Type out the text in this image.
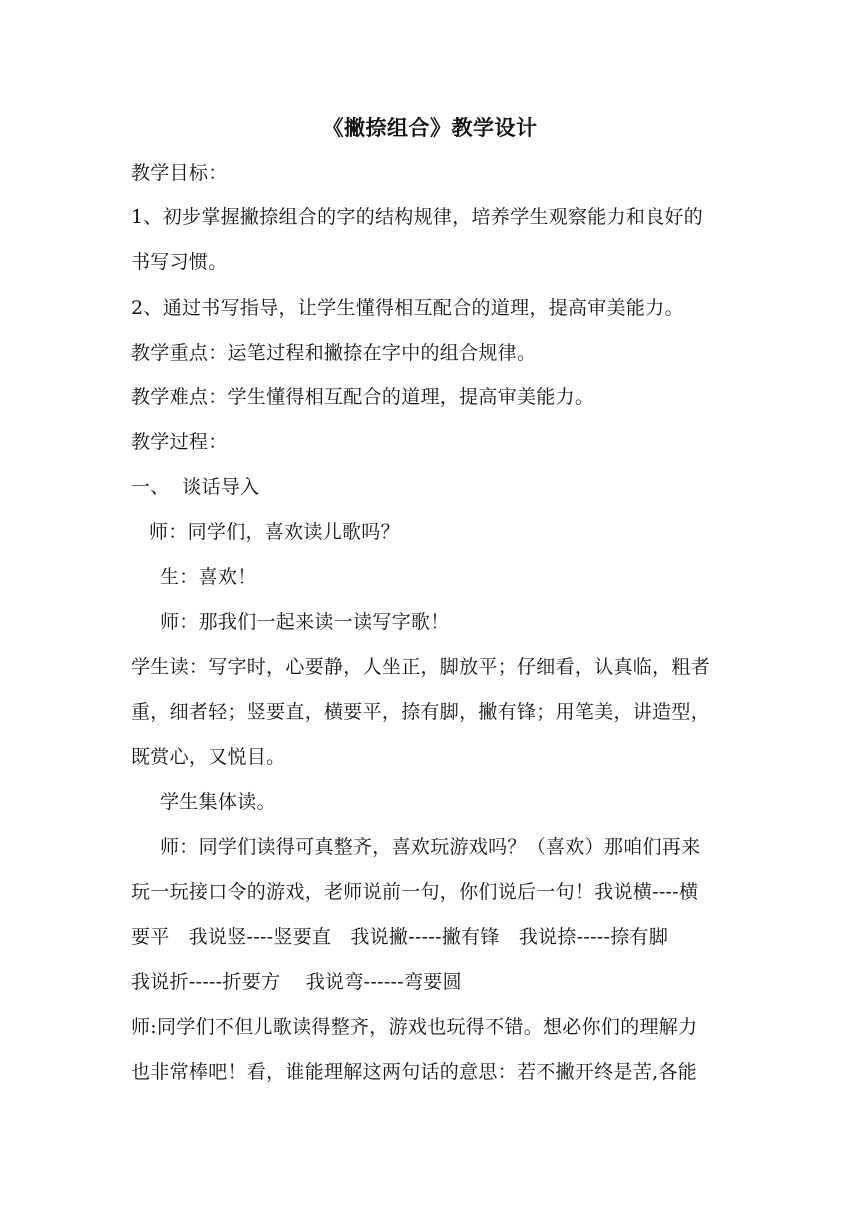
《撇捺组合》教学设计
教学目标：
1、初步掌握撇捺组合的字的结构规律，培养学生观察能力和良好的
书写习惯。
2、通过书写指导，让学生懂得相互配合的道理，提高审美能力。
教学重点：运笔过程和撇捺在字中的组合规律。
教学难点：学生懂得相互配合的道理，提高审美能力。
教学过程：
一、  谈话导入
师：同学们，喜欢读儿歌吗？
生：喜欢！
师：那我们一起来读一读写字歌！
学生读：写字时，心要静，人坐正，脚放平；仔细看，认真临，粗者
重，细者轻；竖要直，横要平，捺有脚，撇有锋；用笔美，讲造型，
既赏心，又悦目。
学生集体读。
师：同学们读得可真整齐，喜欢玩游戏吗？（喜欢）那咱们再来
玩一玩接口令的游戏，老师说前一句，你们说后一句！我说横----横
要平   我说竖----竖要直   我说撇-----撇有锋   我说捺-----捺有脚
我说折-----折要方    我说弯------弯要圆
师:同学们不但儿歌读得整齐，游戏也玩得不错。想必你们的理解力
也非常棒吧！看，谁能理解这两句话的意思：若不撇开终是苦,各能
